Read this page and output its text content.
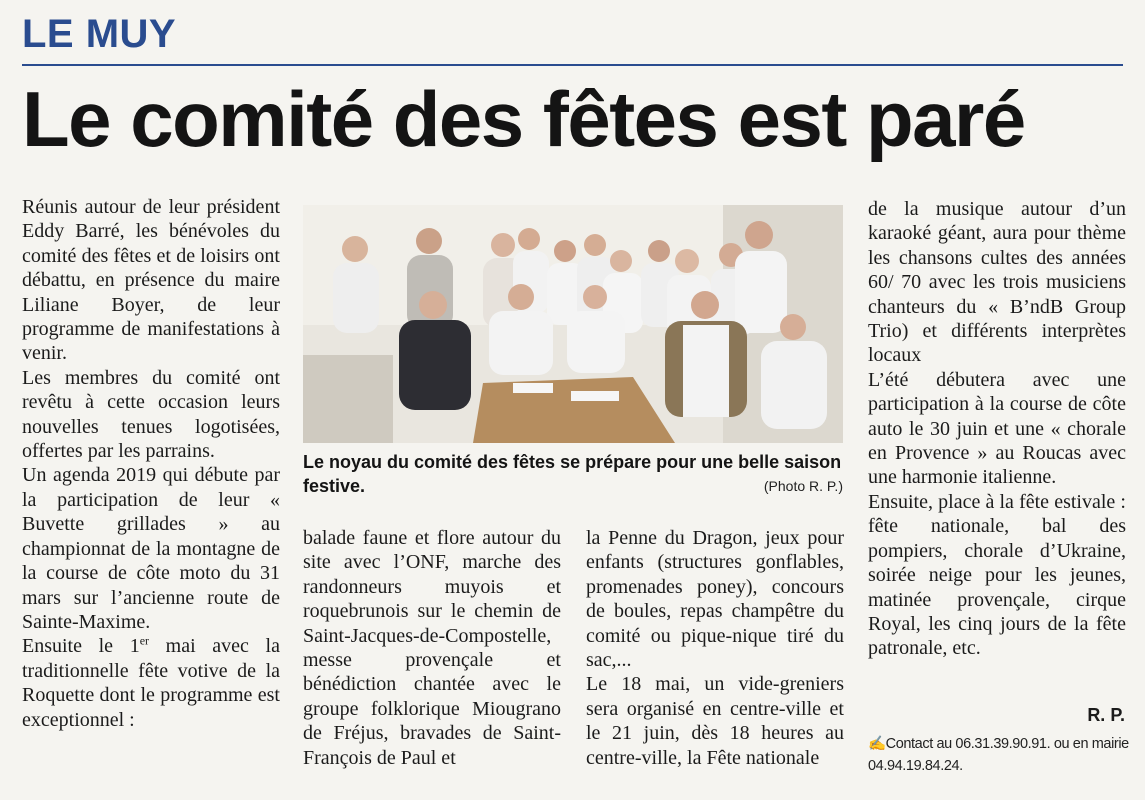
LE MUY
Le comité des fêtes est paré

Réunis autour de leur président Eddy Barré, les bénévoles du comité des fêtes et de loisirs ont débattu, en présence du maire Liliane Boyer, de leur programme de manifestations à venir.

Les membres du comité ont revêtu à cette occasion leurs nouvelles tenues logotisées, offertes par les parrains.

Un agenda 2019 qui débute par la participation de leur « Buvette grillades » au championnat de la montagne de la course de côte moto du 31 mars sur l’ancienne route de Sainte-Maxime.

Ensuite le 1er mai avec la traditionnelle fête votive de la Roquette dont le programme est exceptionnel :

Le noyau du comité des fêtes se prépare pour une belle saison festive.	(Photo R. P.)

balade faune et flore autour du site avec l’ONF, marche des randonneurs muyois et roquebrunois sur le chemin de Saint-Jacques-de-Compostelle, messe provençale et bénédiction chantée avec le groupe folklorique Miougrano de Fréjus, bravades de Saint-François de Paul et

la Penne du Dragon, jeux pour enfants (structures gonflables, promenades poney), concours de boules, repas champêtre du comité ou pique-nique tiré du sac,...

Le 18 mai, un vide-greniers sera organisé en centre-ville et le 21 juin, dès 18 heures au centre-ville, la Fête nationale

de la musique autour d’un karaoké géant, aura pour thème les chansons cultes des années 60/ 70 avec les trois musiciens chanteurs du « B’ndB Group Trio) et différents interprètes locaux

L’été débutera avec une participation à la course de côte auto le 30 juin et une « chorale en Provence » au Roucas avec une harmonie italienne.

Ensuite, place à la fête estivale : fête nationale, bal des pompiers, chorale d’Ukraine, soirée neige pour les jeunes, matinée provençale, cirque Royal, les cinq jours de la fête patronale, etc.

R. P.
✍Contact au 06.31.39.90.91. ou en mairie 04.94.19.84.24.
